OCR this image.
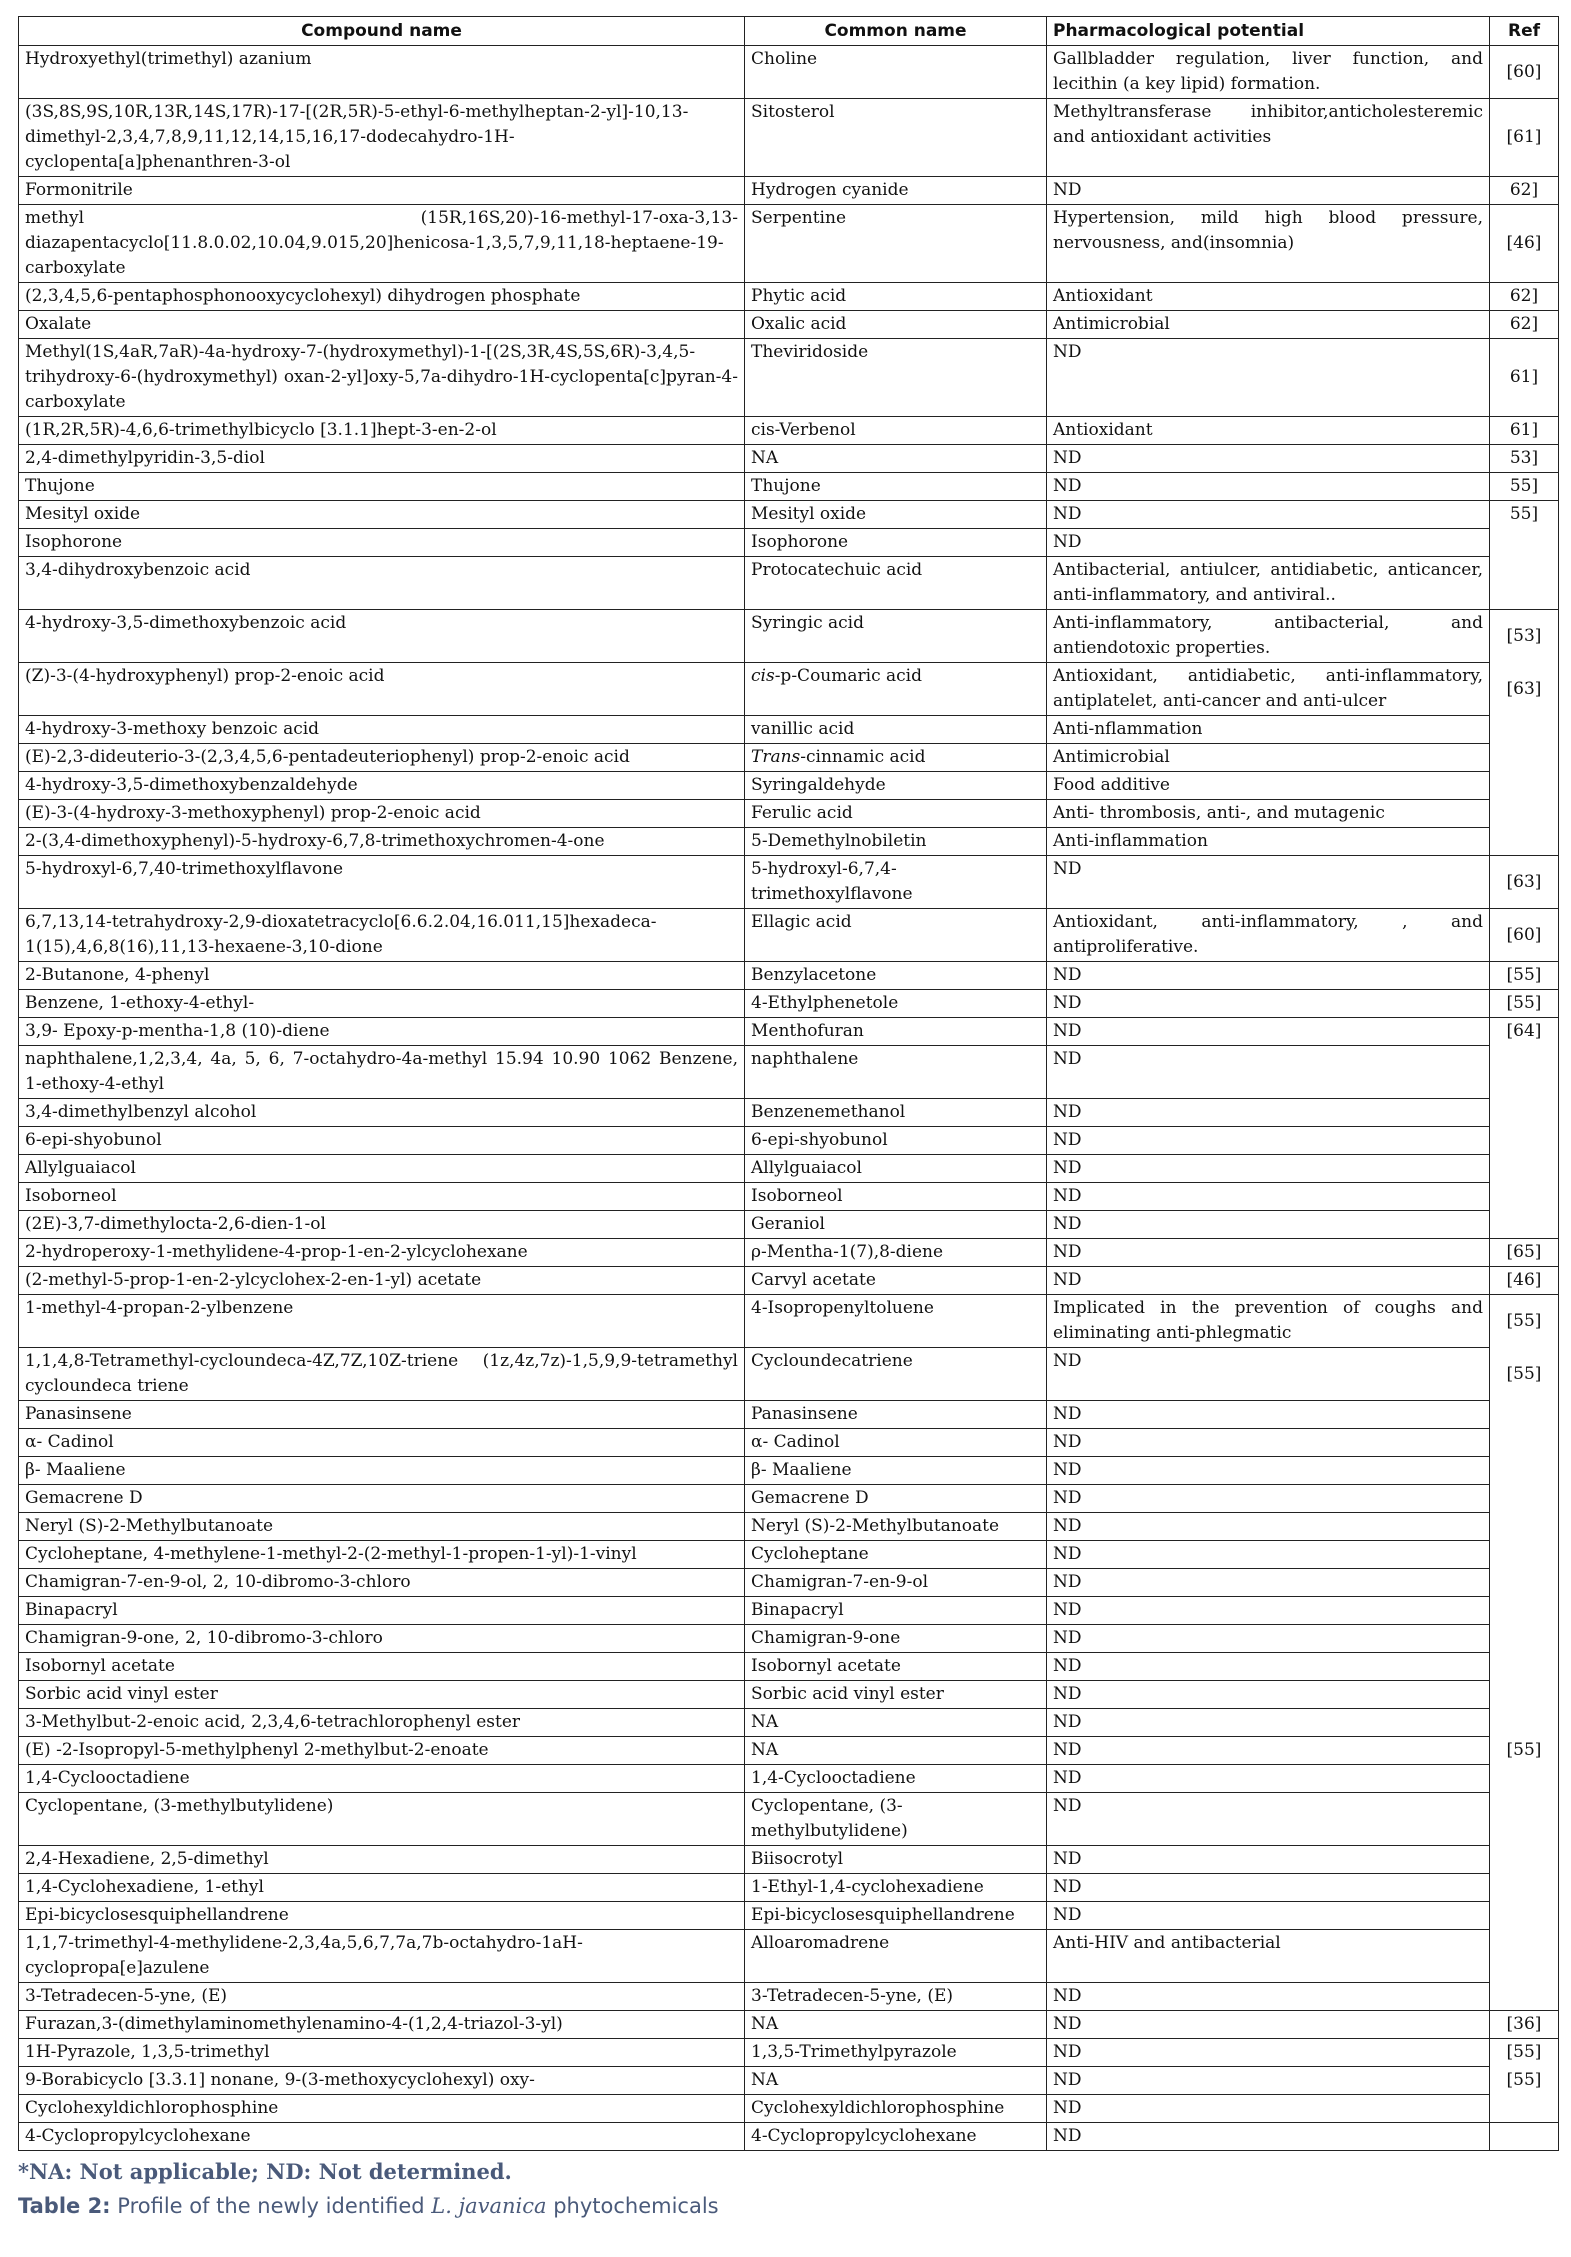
Compound name	Common name	Pharmacological potential	Ref
Hydroxyethyl(trimethyl) azanium	Choline	Gallbladder regulation, liver function, and lecithin (a key lipid) formation.	[60]
(3S,8S,9S,10R,13R,14S,17R)-17-[(2R,5R)-5-ethyl-6-methylheptan-2-yl]-10,13-dimethyl-2,3,4,7,8,9,11,12,14,15,16,17-dodecahydro-1H-cyclopenta[a]phenanthren-3-ol	Sitosterol	Methyltransferase inhibitor,anticholesteremic and antioxidant activities	[61]
Formonitrile	Hydrogen cyanide	ND	62]
methyl (15R,16S,20)-16-methyl-17-oxa-3,13-diazapentacyclo[11.8.0.02,10.04,9.015,20]henicosa-1,3,5,7,9,11,18-heptaene-19-carboxylate	Serpentine	Hypertension, mild high blood pressure, nervousness, and(insomnia)	[46]
(2,3,4,5,6-pentaphosphonooxycyclohexyl) dihydrogen phosphate	Phytic acid	Antioxidant	62]
Oxalate	Oxalic acid	Antimicrobial	62]
Methyl(1S,4aR,7aR)-4a-hydroxy-7-(hydroxymethyl)-1-[(2S,3R,4S,5S,6R)-3,4,5-trihydroxy-6-(hydroxymethyl) oxan-2-yl]oxy-5,7a-dihydro-1H-cyclopenta[c]pyran-4-carboxylate	Theviridoside	ND	61]
(1R,2R,5R)-4,6,6-trimethylbicyclo [3.1.1]hept-3-en-2-ol	cis-Verbenol	Antioxidant	61]
2,4-dimethylpyridin-3,5-diol	NA	ND	53]
Thujone	Thujone	ND	55]
Mesityl oxide	Mesityl oxide	ND	55]
Isophorone	Isophorone	ND	
3,4-dihydroxybenzoic acid	Protocatechuic acid	Antibacterial, antiulcer, antidiabetic, anticancer, anti-inflammatory, and antiviral..	
4-hydroxy-3,5-dimethoxybenzoic acid	Syringic acid	Anti-inflammatory, antibacterial, and antiendotoxic properties.	[53]
(Z)-3-(4-hydroxyphenyl) prop-2-enoic acid	cis-p-Coumaric acid	Antioxidant, antidiabetic, anti-inflammatory, antiplatelet, anti-cancer and anti-ulcer	[63]
4-hydroxy-3-methoxy benzoic acid	vanillic acid	Anti-nflammation	
(E)-2,3-dideuterio-3-(2,3,4,5,6-pentadeuteriophenyl) prop-2-enoic acid	Trans-cinnamic acid	Antimicrobial	
4-hydroxy-3,5-dimethoxybenzaldehyde	Syringaldehyde	Food additive	
(E)-3-(4-hydroxy-3-methoxyphenyl) prop-2-enoic acid	Ferulic acid	Anti- thrombosis, anti-, and mutagenic	
2-(3,4-dimethoxyphenyl)-5-hydroxy-6,7,8-trimethoxychromen-4-one	5-Demethylnobiletin	Anti-inflammation	
5-hydroxyl-6,7,40-trimethoxylflavone	5-hydroxyl-6,7,4-trimethoxylflavone	ND	[63]
6,7,13,14-tetrahydroxy-2,9-dioxatetracyclo[6.6.2.04,16.011,15]hexadeca-1(15),4,6,8(16),11,13-hexaene-3,10-dione	Ellagic acid	Antioxidant, anti-inflammatory, , and antiproliferative.	[60]
2-Butanone, 4-phenyl	Benzylacetone	ND	[55]
Benzene, 1-ethoxy-4-ethyl-	4-Ethylphenetole	ND	[55]
3,9- Epoxy-p-mentha-1,8 (10)-diene	Menthofuran	ND	[64]
naphthalene,1,2,3,4, 4a, 5, 6, 7-octahydro-4a-methyl 15.94 10.90 1062 Benzene, 1-ethoxy-4-ethyl	naphthalene	ND	
3,4-dimethylbenzyl alcohol	Benzenemethanol	ND	
6-epi-shyobunol	6-epi-shyobunol	ND	
Allylguaiacol	Allylguaiacol	ND	
Isoborneol	Isoborneol	ND	
(2E)-3,7-dimethylocta-2,6-dien-1-ol	Geraniol	ND	
2-hydroperoxy-1-methylidene-4-prop-1-en-2-ylcyclohexane	ρ-Mentha-1(7),8-diene	ND	[65]
(2-methyl-5-prop-1-en-2-ylcyclohex-2-en-1-yl) acetate	Carvyl acetate	ND	[46]
1-methyl-4-propan-2-ylbenzene	4-Isopropenyltoluene	Implicated in the prevention of coughs and eliminating anti-phlegmatic	[55]
1,1,4,8-Tetramethyl-cycloundeca-4Z,7Z,10Z-triene (1z,4z,7z)-1,5,9,9-tetramethyl cycloundeca triene	Cycloundecatriene	ND	[55]
Panasinsene	Panasinsene	ND	
α- Cadinol	α- Cadinol	ND	
β- Maaliene	β- Maaliene	ND	
Gemacrene D	Gemacrene D	ND	
Neryl (S)-2-Methylbutanoate	Neryl (S)-2-Methylbutanoate	ND	
Cycloheptane, 4-methylene-1-methyl-2-(2-methyl-1-propen-1-yl)-1-vinyl	Cycloheptane	ND	
Chamigran-7-en-9-ol, 2, 10-dibromo-3-chloro	Chamigran-7-en-9-ol	ND	
Binapacryl	Binapacryl	ND	
Chamigran-9-one, 2, 10-dibromo-3-chloro	Chamigran-9-one	ND	
Isobornyl acetate	Isobornyl acetate	ND	
Sorbic acid vinyl ester	Sorbic acid vinyl ester	ND	
3-Methylbut-2-enoic acid, 2,3,4,6-tetrachlorophenyl ester	NA	ND	
(E) -2-Isopropyl-5-methylphenyl 2-methylbut-2-enoate	NA	ND	[55]
1,4-Cyclooctadiene	1,4-Cyclooctadiene	ND	
Cyclopentane, (3-methylbutylidene)	Cyclopentane, (3-methylbutylidene)	ND	
2,4-Hexadiene, 2,5-dimethyl	Biisocrotyl	ND	
1,4-Cyclohexadiene, 1-ethyl	1-Ethyl-1,4-cyclohexadiene	ND	
Epi-bicyclosesquiphellandrene	Epi-bicyclosesquiphellandrene	ND	
1,1,7-trimethyl-4-methylidene-2,3,4a,5,6,7,7a,7b-octahydro-1aH-cyclopropa[e]azulene	Alloaromadrene	Anti-HIV and antibacterial	
3-Tetradecen-5-yne, (E)	3-Tetradecen-5-yne, (E)	ND	
Furazan,3-(dimethylaminomethylenamino-4-(1,2,4-triazol-3-yl)	NA	ND	[36]
1H-Pyrazole, 1,3,5-trimethyl	1,3,5-Trimethylpyrazole	ND	[55]
9-Borabicyclo [3.3.1] nonane, 9-(3-methoxycyclohexyl) oxy-	NA	ND	[55]
Cyclohexyldichlorophosphine	Cyclohexyldichlorophosphine	ND	
4-Cyclopropylcyclohexane	4-Cyclopropylcyclohexane	ND	
*NA: Not applicable; ND: Not determined.
Table 2: Profile of the newly identified L. javanica phytochemicals
